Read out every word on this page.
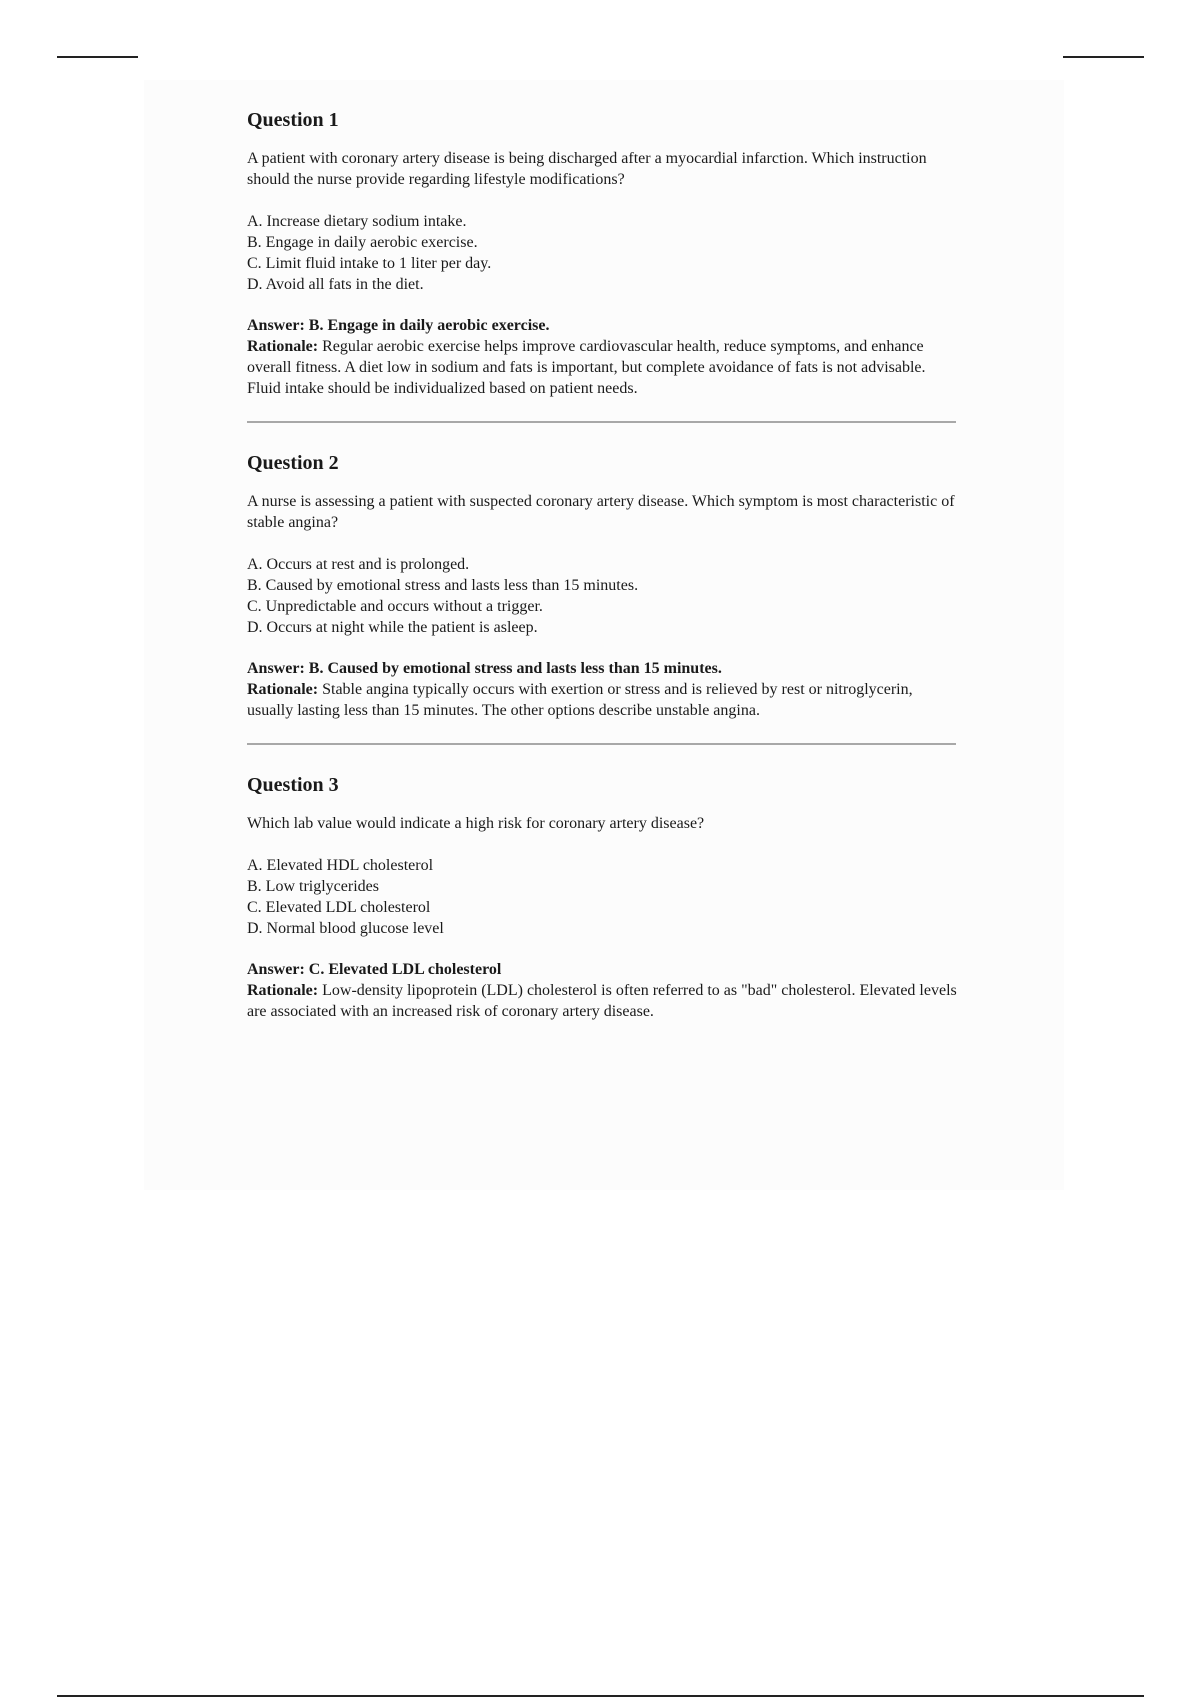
Question 1

A patient with coronary artery disease is being discharged after a myocardial infarction. Which instruction should the nurse provide regarding lifestyle modifications?

A. Increase dietary sodium intake.
B. Engage in daily aerobic exercise.
C. Limit fluid intake to 1 liter per day.
D. Avoid all fats in the diet.

Answer: B. Engage in daily aerobic exercise.

Rationale: Regular aerobic exercise helps improve cardiovascular health, reduce symptoms, and enhance overall fitness. A diet low in sodium and fats is important, but complete avoidance of fats is not advisable. Fluid intake should be individualized based on patient needs.

Question 2

A nurse is assessing a patient with suspected coronary artery disease. Which symptom is most characteristic of stable angina?

A. Occurs at rest and is prolonged.
B. Caused by emotional stress and lasts less than 15 minutes.
C. Unpredictable and occurs without a trigger.
D. Occurs at night while the patient is asleep.

Answer: B. Caused by emotional stress and lasts less than 15 minutes.

Rationale: Stable angina typically occurs with exertion or stress and is relieved by rest or nitroglycerin, usually lasting less than 15 minutes. The other options describe unstable angina.

Question 3

Which lab value would indicate a high risk for coronary artery disease?

A. Elevated HDL cholesterol
B. Low triglycerides
C. Elevated LDL cholesterol
D. Normal blood glucose level

Answer: C. Elevated LDL cholesterol

Rationale: Low-density lipoprotein (LDL) cholesterol is often referred to as "bad" cholesterol. Elevated levels are associated with an increased risk of coronary artery disease.
